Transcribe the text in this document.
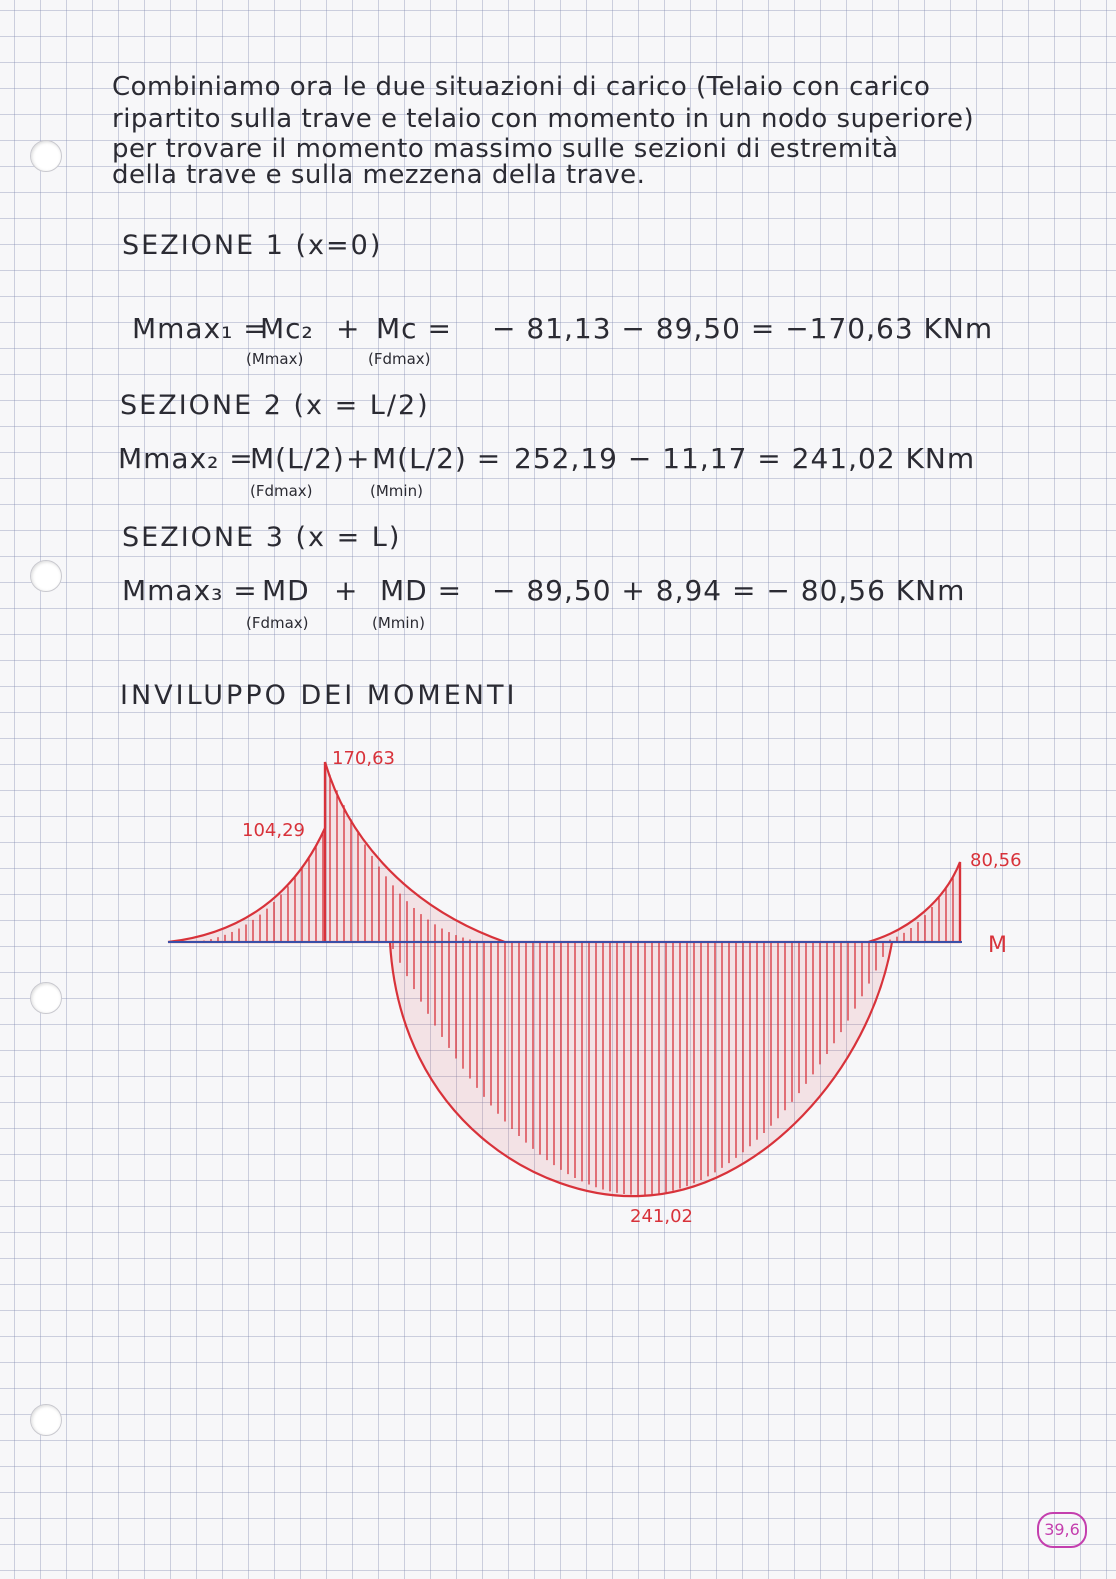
Combiniamo ora le due situazioni di carico (Telaio con carico
ripartito sulla trave e telaio con momento in un nodo superiore)
per trovare il momento massimo sulle sezioni di estremità
della trave e sulla mezzena della trave.
SEZIONE 1 (x=0)
Mmax₁ =
Mc₂
(Mmax)
+ Mc =
(Fdmax)
− 81,13 − 89,50 = −170,63 KNm
SEZIONE 2 (x = L/2)
Mmax₂ =
M(L/2)
(Fdmax)
+ M(L/2) =
(Mmin)
252,19 − 11,17 = 241,02 KNm
SEZIONE 3 (x = L)
Mmax₃ = MD
(Fdmax)
+ MD =
(Mmin)
− 89,50 + 8,94 = − 80,56 KNm
INVILUPPO DEI MOMENTI
170,63
104,29
80,56
241,02
M
39,6
